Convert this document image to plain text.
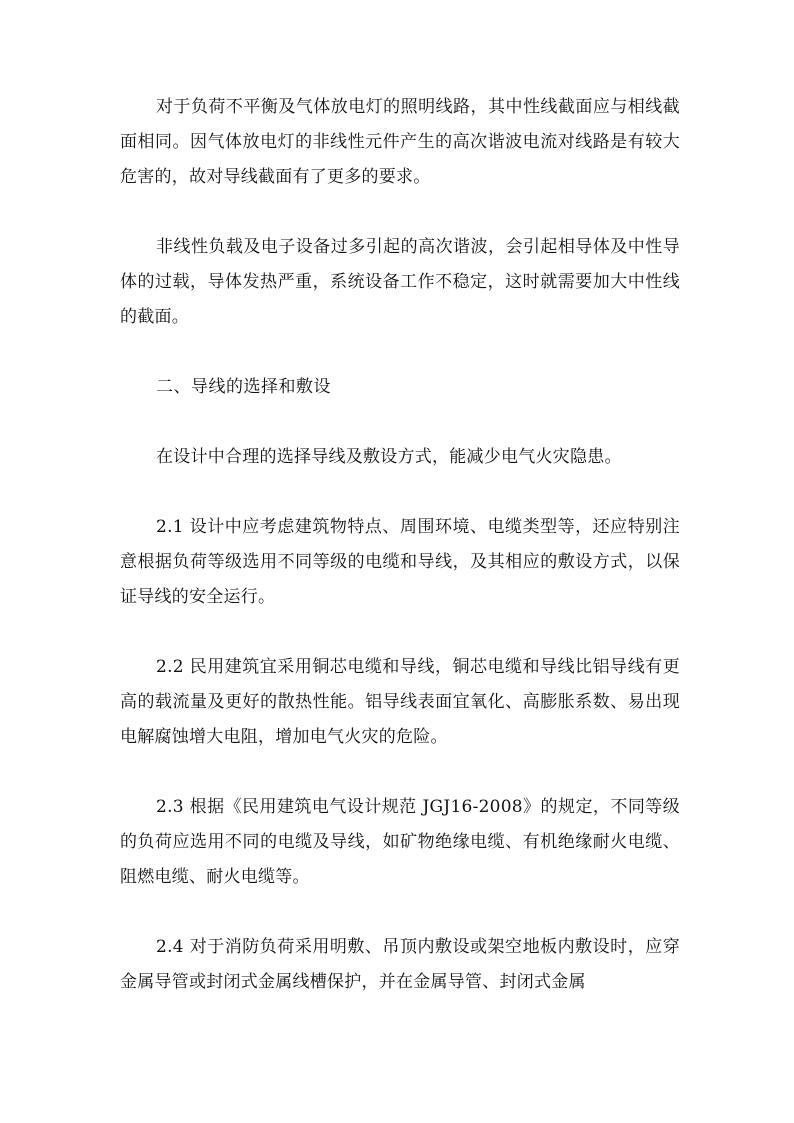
对于负荷不平衡及气体放电灯的照明线路，其中性线截面应与相线截面相同。因气体放电灯的非线性元件产生的高次谐波电流对线路是有较大危害的，故对导线截面有了更多的要求。

非线性负载及电子设备过多引起的高次谐波，会引起相导体及中性导体的过载，导体发热严重，系统设备工作不稳定，这时就需要加大中性线的截面。

二、导线的选择和敷设

在设计中合理的选择导线及敷设方式，能减少电气火灾隐患。

2.1 设计中应考虑建筑物特点、周围环境、电缆类型等，还应特别注意根据负荷等级选用不同等级的电缆和导线，及其相应的敷设方式，以保证导线的安全运行。

2.2 民用建筑宜采用铜芯电缆和导线，铜芯电缆和导线比铝导线有更高的载流量及更好的散热性能。铝导线表面宜氧化、高膨胀系数、易出现电解腐蚀增大电阻，增加电气火灾的危险。

2.3 根据《民用建筑电气设计规范 JGJ16-2008》的规定，不同等级的负荷应选用不同的电缆及导线，如矿物绝缘电缆、有机绝缘耐火电缆、阻燃电缆、耐火电缆等。

2.4 对于消防负荷采用明敷、吊顶内敷设或架空地板内敷设时，应穿金属导管或封闭式金属线槽保护，并在金属导管、封闭式金属
